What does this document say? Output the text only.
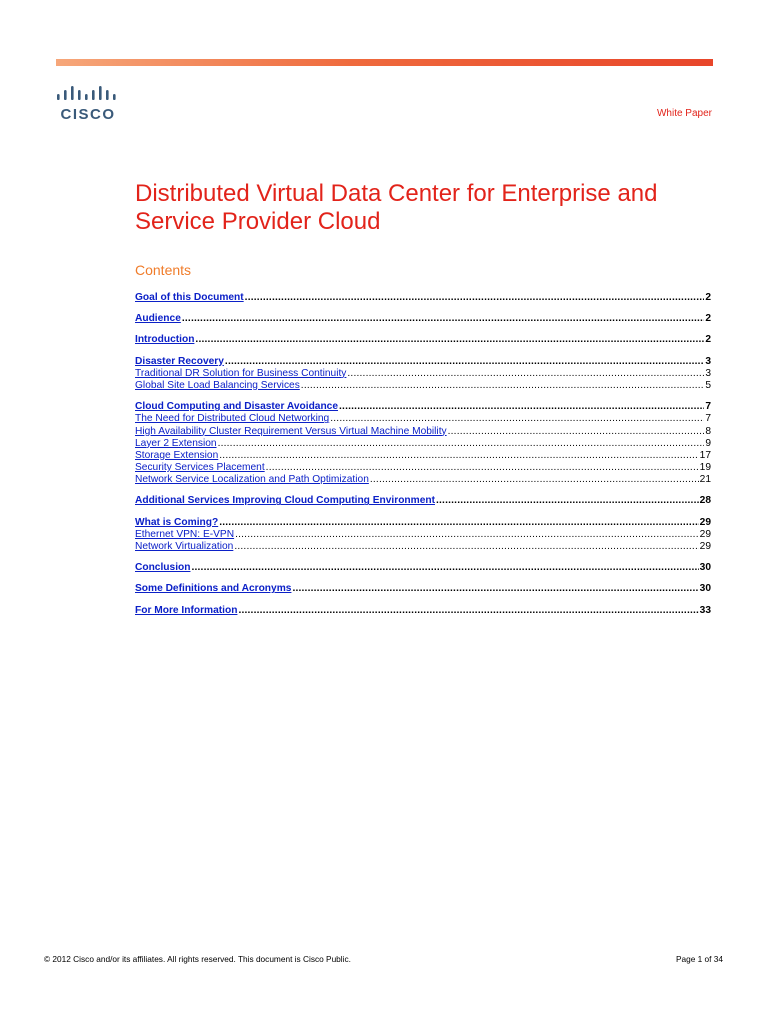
CISCO	White Paper
Distributed Virtual Data Center for Enterprise and
Service Provider Cloud
Contents
Goal of this Document .....	2
Audience .....	2
Introduction .....	2
Disaster Recovery .....	3
Traditional DR Solution for Business Continuity .....	3
Global Site Load Balancing Services .....	5
Cloud Computing and Disaster Avoidance .....	7
The Need for Distributed Cloud Networking .....	7
High Availability Cluster Requirement Versus Virtual Machine Mobility .....	8
Layer 2 Extension .....	9
Storage Extension .....	17
Security Services Placement .....	19
Network Service Localization and Path Optimization .....	21
Additional Services Improving Cloud Computing Environment .....	28
What is Coming? .....	29
Ethernet VPN: E-VPN .....	29
Network Virtualization .....	29
Conclusion .....	30
Some Definitions and Acronyms .....	30
For More Information .....	33
© 2012 Cisco and/or its affiliates. All rights reserved. This document is Cisco Public.	Page 1 of 34
